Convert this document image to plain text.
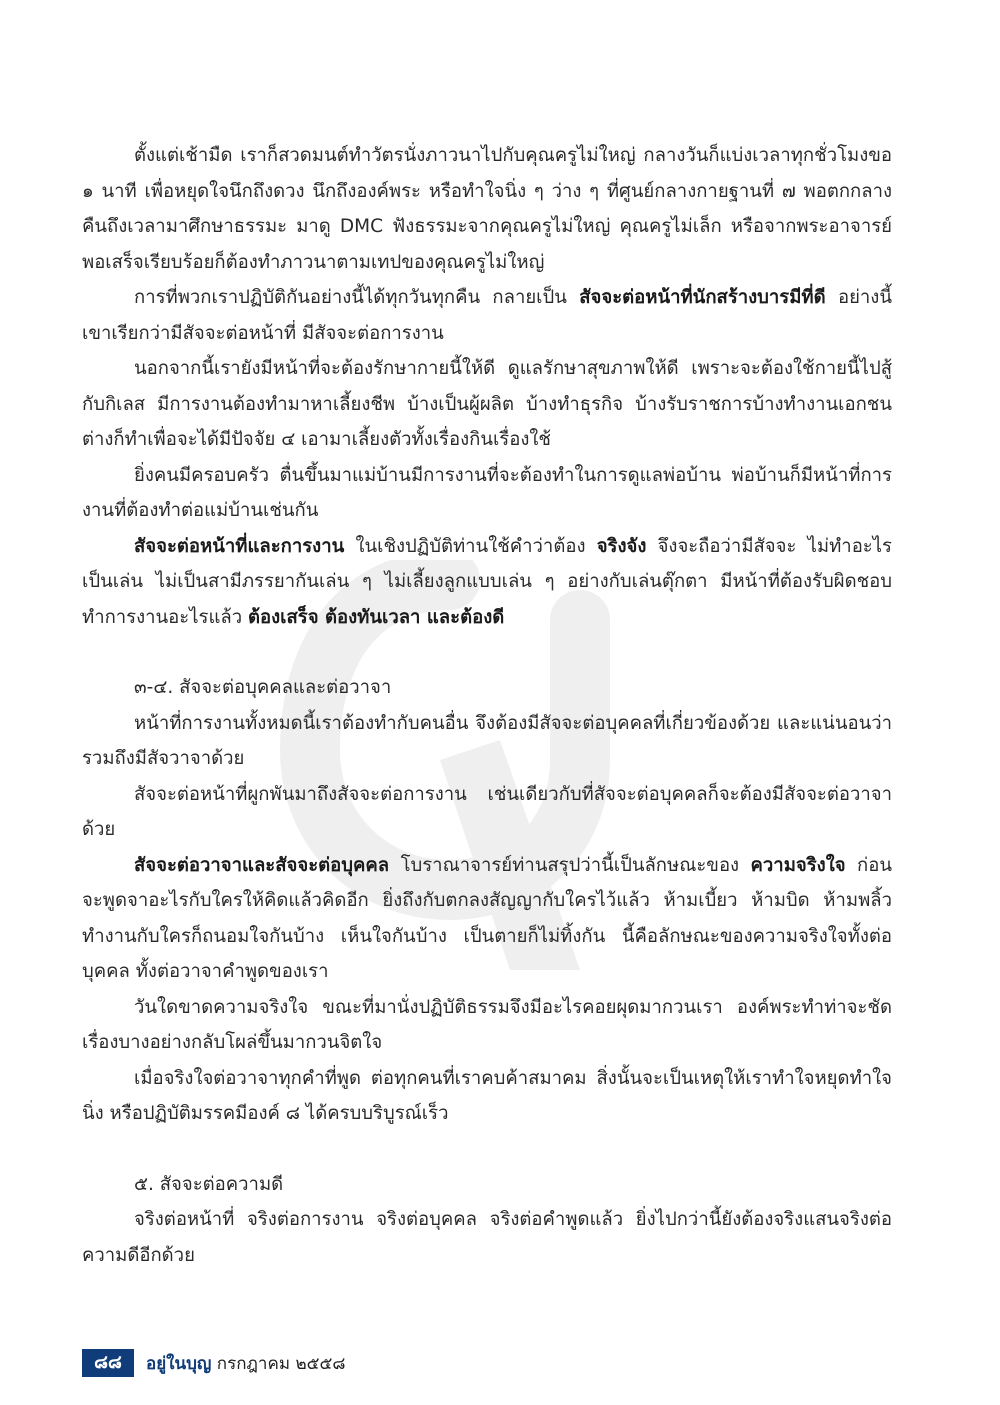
ตั้งแต่เช้ามืด เราก็สวดมนต์ทำวัตรนั่งภาวนาไปกับคุณครูไม่ใหญ่ กลางวันก็แบ่งเวลาทุกชั่วโมงขอ ๑ นาที เพื่อหยุดใจนึกถึงดวง นึกถึงองค์พระ หรือทำใจนิ่ง ๆ ว่าง ๆ ที่ศูนย์กลางกายฐานที่ ๗ พอตกกลางคืนถึงเวลามาศึกษาธรรมะ มาดู DMC ฟังธรรมะจากคุณครูไม่ใหญ่ คุณครูไม่เล็ก หรือจากพระอาจารย์ พอเสร็จเรียบร้อยก็ต้องทำภาวนาตามเทปของคุณครูไม่ใหญ่

การที่พวกเราปฏิบัติกันอย่างนี้ได้ทุกวันทุกคืน กลายเป็น สัจจะต่อหน้าที่นักสร้างบารมีที่ดี อย่างนี้เขาเรียกว่ามีสัจจะต่อหน้าที่ มีสัจจะต่อการงาน

นอกจากนี้เรายังมีหน้าที่จะต้องรักษากายนี้ให้ดี ดูแลรักษาสุขภาพให้ดี เพราะจะต้องใช้กายนี้ไปสู้กับกิเลส มีการงานต้องทำมาหาเลี้ยงชีพ บ้างเป็นผู้ผลิต บ้างทำธุรกิจ บ้างรับราชการบ้างทำงานเอกชน ต่างก็ทำเพื่อจะได้มีปัจจัย ๔ เอามาเลี้ยงตัวทั้งเรื่องกินเรื่องใช้

ยิ่งคนมีครอบครัว ตื่นขึ้นมาแม่บ้านมีการงานที่จะต้องทำในการดูแลพ่อบ้าน พ่อบ้านก็มีหน้าที่การงานที่ต้องทำต่อแม่บ้านเช่นกัน

สัจจะต่อหน้าที่และการงาน ในเชิงปฏิบัติท่านใช้คำว่าต้อง จริงจัง จึงจะถือว่ามีสัจจะ ไม่ทำอะไรเป็นเล่น ไม่เป็นสามีภรรยากันเล่น ๆ ไม่เลี้ยงลูกแบบเล่น ๆ อย่างกับเล่นตุ๊กตา มีหน้าที่ต้องรับผิดชอบ ทำการงานอะไรแล้ว ต้องเสร็จ ต้องทันเวลา และต้องดี

๓-๔. สัจจะต่อบุคคลและต่อวาจา

หน้าที่การงานทั้งหมดนี้เราต้องทำกับคนอื่น จึงต้องมีสัจจะต่อบุคคลที่เกี่ยวข้องด้วย และแน่นอนว่ารวมถึงมีสัจวาจาด้วย

สัจจะต่อหน้าที่ผูกพันมาถึงสัจจะต่อการงาน เช่นเดียวกับที่สัจจะต่อบุคคลก็จะต้องมีสัจจะต่อวาจาด้วย

สัจจะต่อวาจาและสัจจะต่อบุคคล โบราณาจารย์ท่านสรุปว่านี้เป็นลักษณะของ ความจริงใจ ก่อนจะพูดจาอะไรกับใครให้คิดแล้วคิดอีก ยิ่งถึงกับตกลงสัญญากับใครไว้แล้ว ห้ามเบี้ยว ห้ามบิด ห้ามพลิ้ว ทำงานกับใครก็ถนอมใจกันบ้าง เห็นใจกันบ้าง เป็นตายก็ไม่ทิ้งกัน นี้คือลักษณะของความจริงใจทั้งต่อบุคคล ทั้งต่อวาจาคำพูดของเรา

วันใดขาดความจริงใจ ขณะที่มานั่งปฏิบัติธรรมจึงมีอะไรคอยผุดมากวนเรา องค์พระทำท่าจะชัด เรื่องบางอย่างกลับโผล่ขึ้นมากวนจิตใจ

เมื่อจริงใจต่อวาจาทุกคำที่พูด ต่อทุกคนที่เราคบค้าสมาคม สิ่งนั้นจะเป็นเหตุให้เราทำใจหยุดทำใจนิ่ง หรือปฏิบัติมรรคมีองค์ ๘ ได้ครบบริบูรณ์เร็ว

๕. สัจจะต่อความดี

จริงต่อหน้าที่ จริงต่อการงาน จริงต่อบุคคล จริงต่อคำพูดแล้ว ยิ่งไปกว่านี้ยังต้องจริงแสนจริงต่อความดีอีกด้วย

๘๘	อยู่ในบุญ กรกฎาคม ๒๕๕๘
